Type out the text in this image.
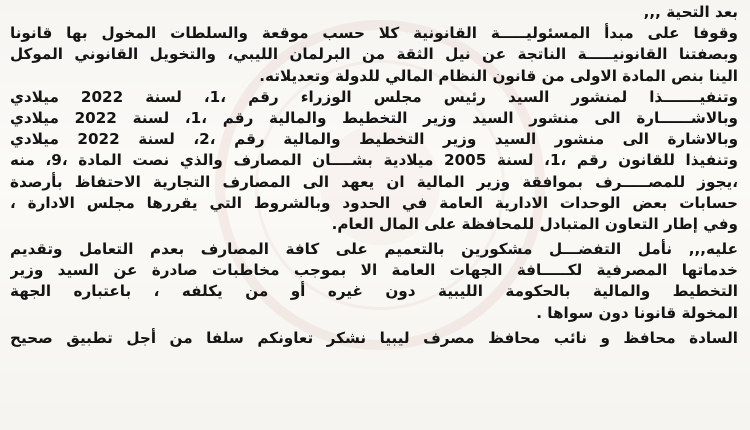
بعد التحية ,,,
وقوفا على مبدأ المسئوليـــــة القانونية كلا حسب موقعة والسلطات المخول بها قانونا
وبصفتنا القانونيـــــة الناتجة عن نيل الثقة من البرلمان الليبي، والتخويل القانوني الموكل
الينا بنص المادة الاولى من قانون النظام المالي للدولة وتعديلاته.
وتنفيـــــــذا لمنشور السيد رئيس مجلس الوزراء رقم ،1، لسنة 2022 ميلادي
وبالاشــــــارة الى منشور السيد وزير التخطيط والمالية رقم ،1، لسنة 2022 ميلادي
وبالاشارة الى منشور السيد وزير التخطيط والمالية رقم ،2، لسنة 2022 ميلادي
وتنفيذا للقانون رقم ،1، لسنة 2005 ميلادية بشــــان المصارف والذي نصت المادة ،9، منه
،يجوز للمصـــــرف بموافقة وزير المالية ان يعهد الى المصارف التجارية الاحتفاظ بأرصدة
حسابات بعض الوحدات الادارية العامة في الحدود وبالشروط التي يقررها مجلس الادارة ،
وفي إطار التعاون المتبادل للمحافظة على المال العام.
عليه,,, نأمل التفضـــل مشكورين بالتعميم على كافة المصارف بعدم التعامل وتقديم
خدماتها المصرفية لكـــــافة الجهات العامة الا بموجب مخاطبات صادرة عن السيد وزير
التخطيط والمالية بالحكومة الليبية دون غيره أو من يكلفه ، باعتباره الجهة
المخولة قانونا دون سواها .
السادة محافظ و نائب محافظ مصرف ليبيا نشكر تعاونكم سلفا من أجل تطبيق صحيح
